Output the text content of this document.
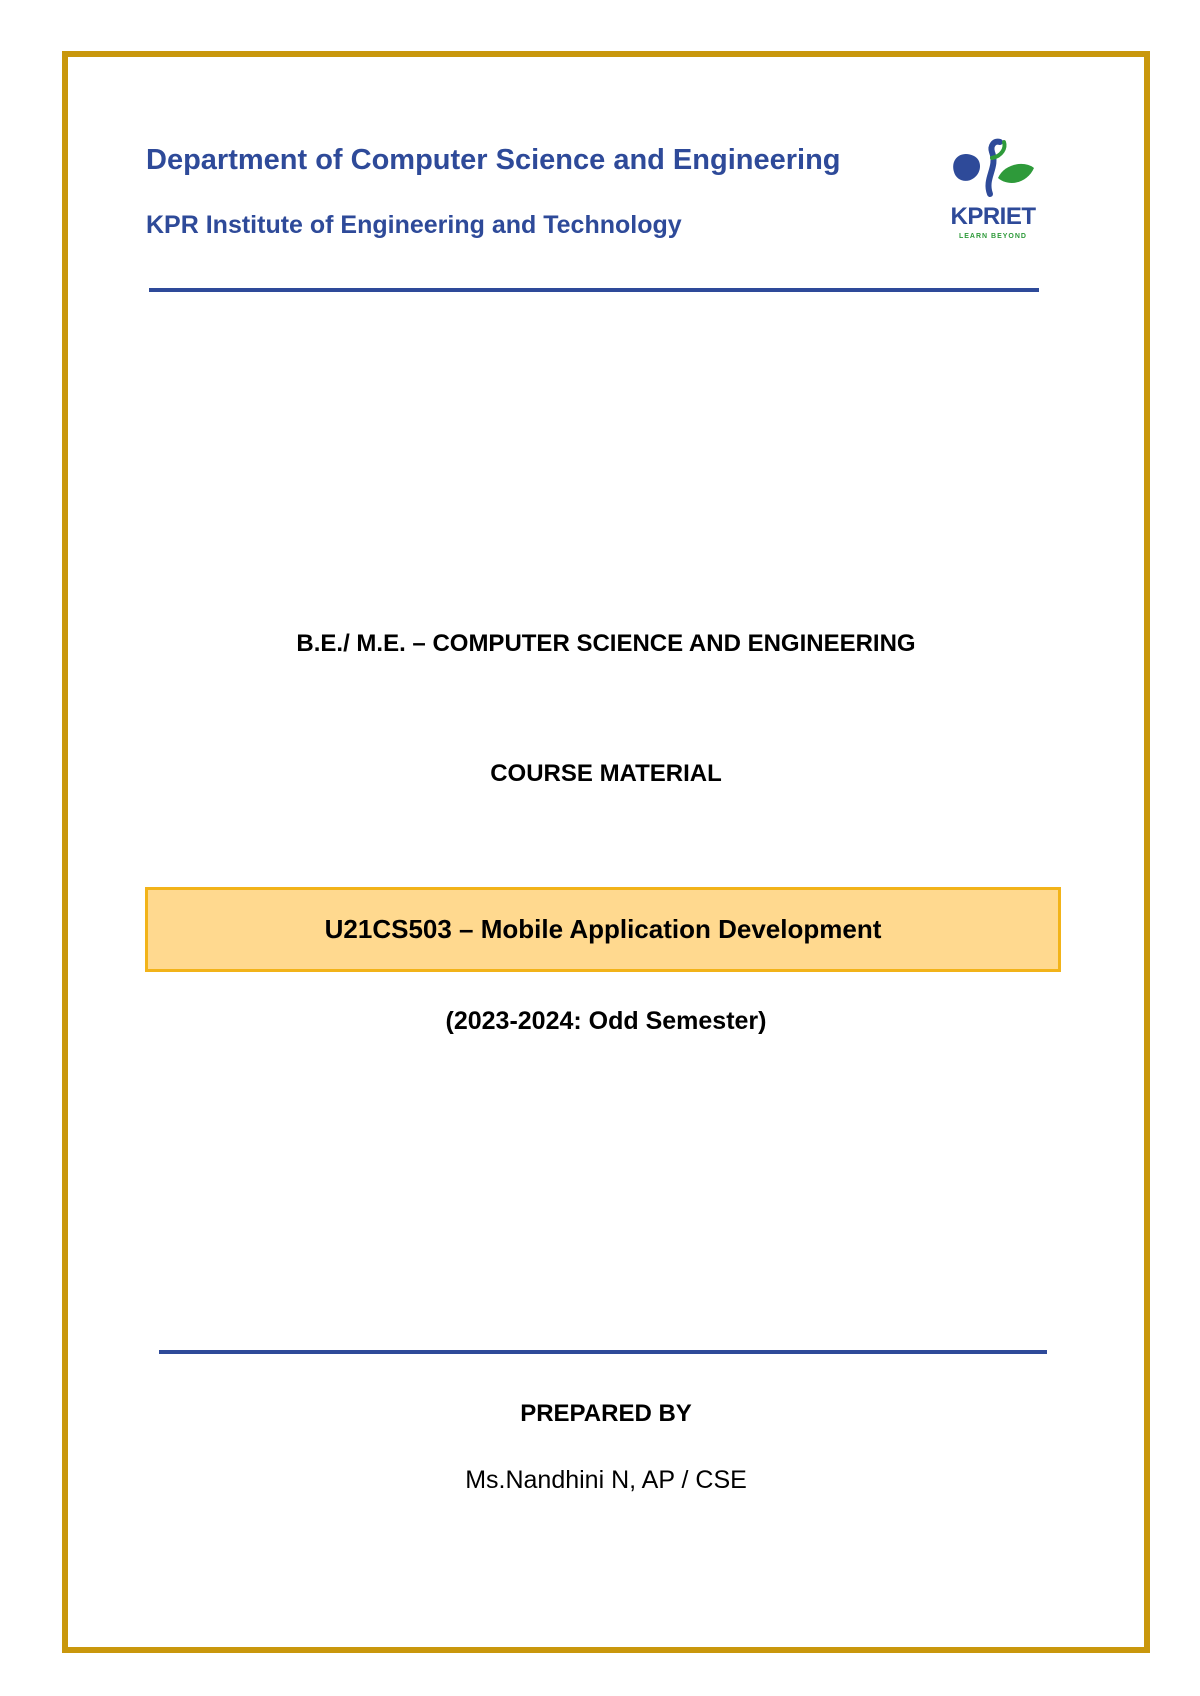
Department of Computer Science and Engineering
KPR Institute of Engineering and Technology	KPRIET
LEARN BEYOND
B.E./ M.E. – COMPUTER SCIENCE AND ENGINEERING
COURSE MATERIAL
U21CS503 – Mobile Application Development
(2023-2024: Odd Semester)
PREPARED BY
Ms.Nandhini N, AP / CSE
